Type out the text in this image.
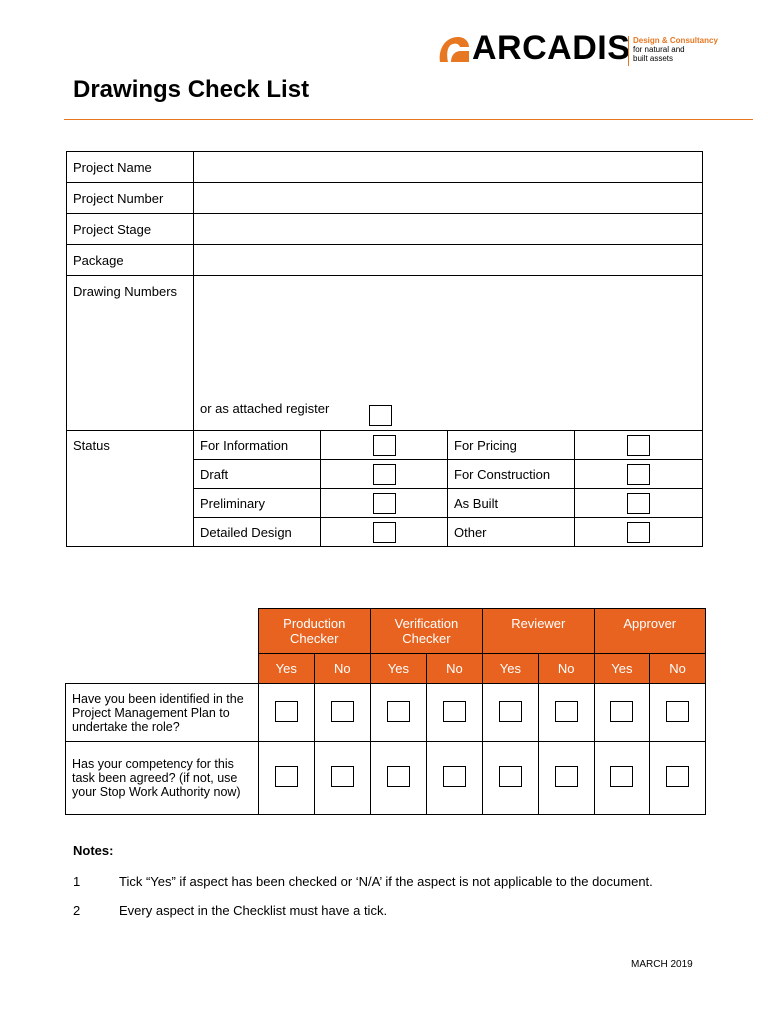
ARCADIS Design & Consultancy
for natural and
built assets
Drawings Check List
Project Name				
Project Number				
Project Stage				
Package				
Drawing Numbers	or as attached register			

Status	For Information		For Pricing	
	Draft		For Construction	
	Preliminary		As Built	
	Detailed Design		Other	
	Production Checker		Verification Checker		Reviewer		Approver	
	Yes	No	Yes	No	Yes	No	Yes	No
Have you been identified in the Project Management Plan to undertake the role?								
Has your competency for this task been agreed? (if not, use your Stop Work Authority now)								
Notes:
1	Tick “Yes” if aspect has been checked or ‘N/A’ if the aspect is not applicable to the document.
2	Every aspect in the Checklist must have a tick.
MARCH 2019
